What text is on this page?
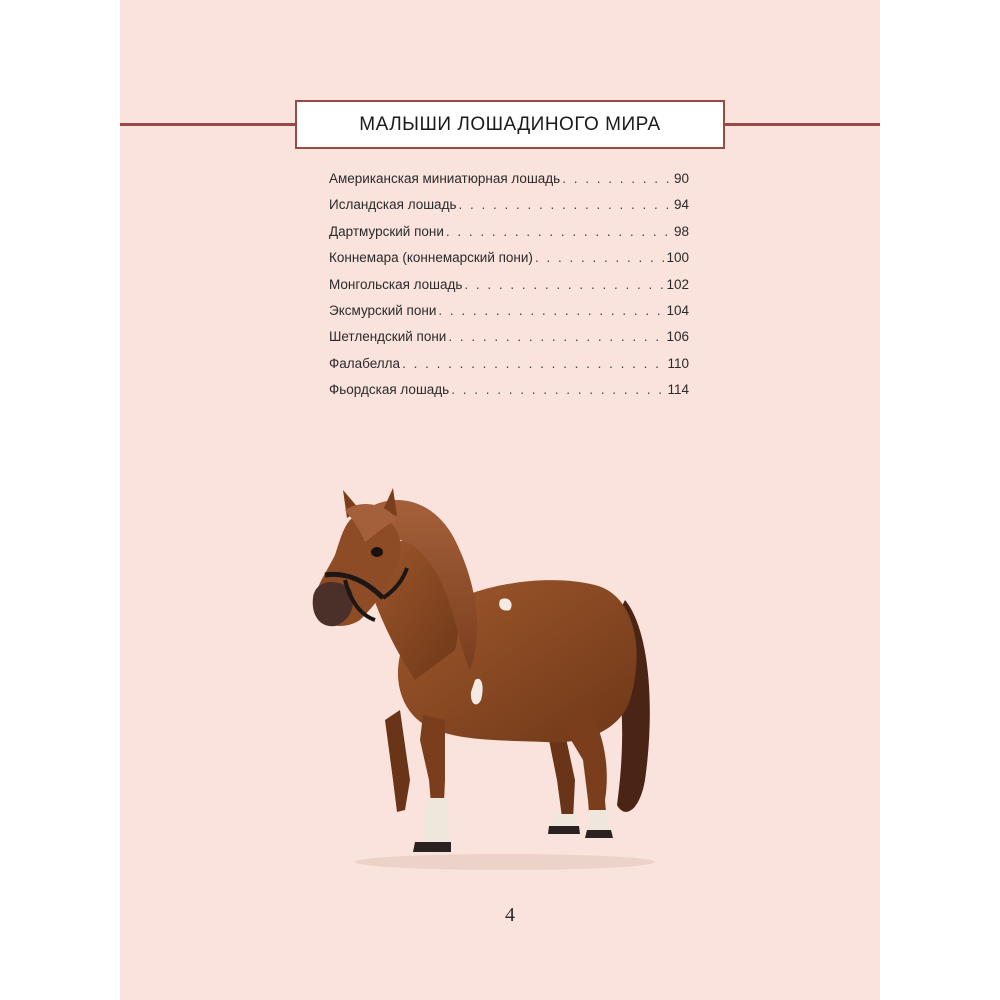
МАЛЫШИ ЛОШАДИНОГО МИРА
Американская миниатюрная лошадь . . .	90
Исландская лошадь . . .	94
Дартмурский пони . . .	98
Коннемара (коннемарский пони) . . .	100
Монгольская лошадь . . .	102
Эксмурский пони . . .	104
Шетлендский пони . . .	106
Фалабелла . . .	110
Фьордская лошадь . . .	114
4
